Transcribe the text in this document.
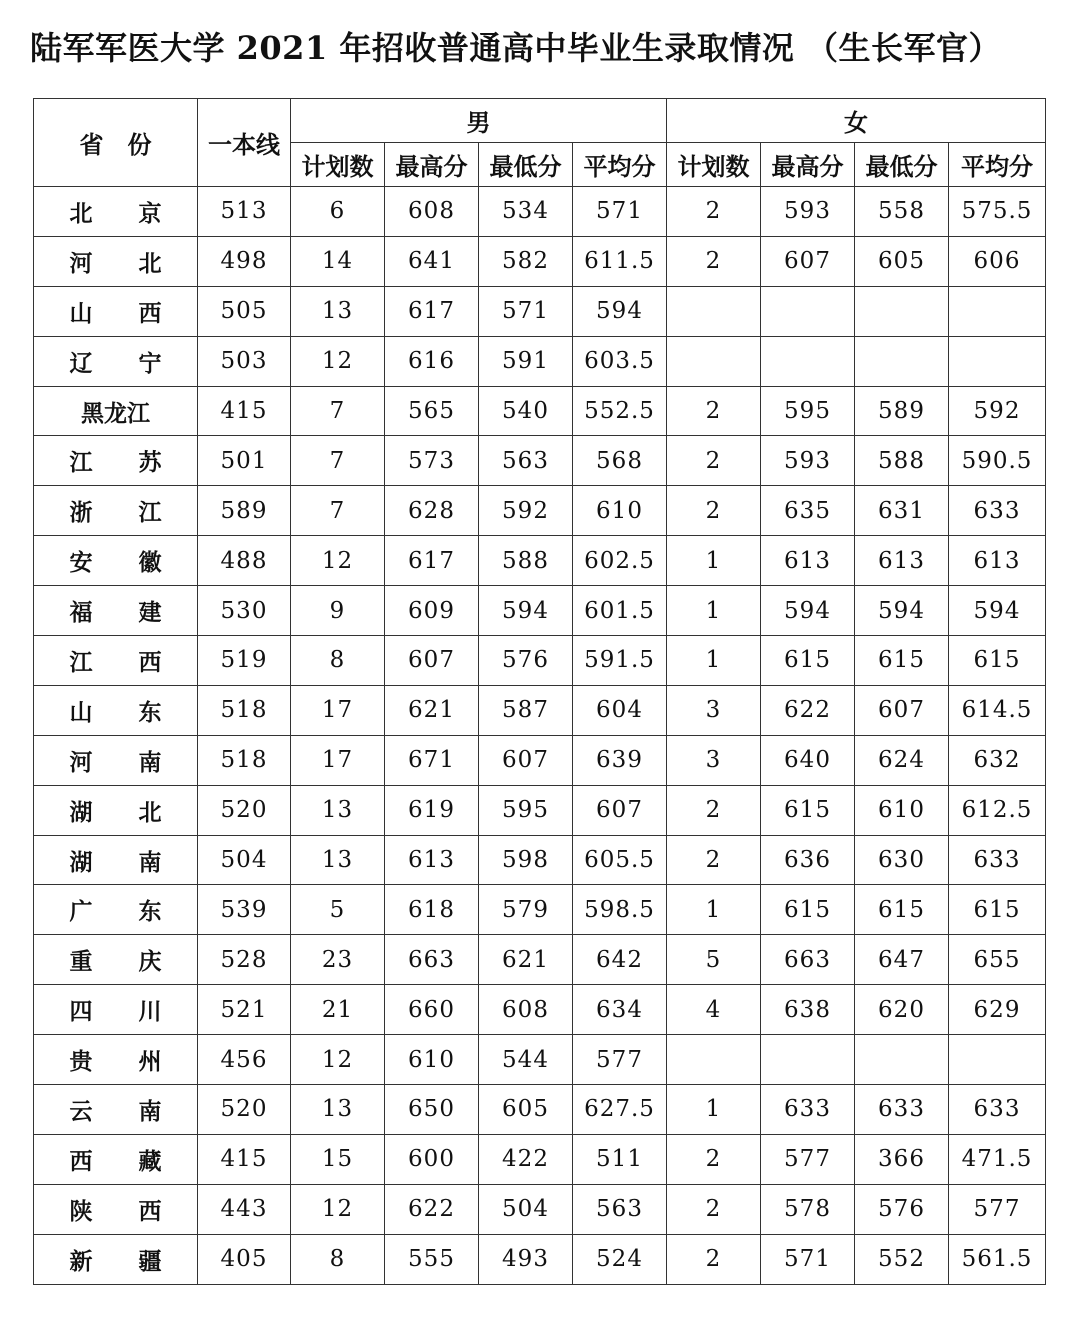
陆军军医大学 2021 年招收普通高中毕业生录取情况 （生长军官）
省　份	一本线	男				女			
		计划数	最高分	最低分	平均分	计划数	最高分	最低分	平均分
北京	513	6	608	534	571	2	593	558	575.5
河北	498	14	641	582	611.5	2	607	605	606
山西	505	13	617	571	594				
辽宁	503	12	616	591	603.5				
黑龙江	415	7	565	540	552.5	2	595	589	592
江苏	501	7	573	563	568	2	593	588	590.5
浙江	589	7	628	592	610	2	635	631	633
安徽	488	12	617	588	602.5	1	613	613	613
福建	530	9	609	594	601.5	1	594	594	594
江西	519	8	607	576	591.5	1	615	615	615
山东	518	17	621	587	604	3	622	607	614.5
河南	518	17	671	607	639	3	640	624	632
湖北	520	13	619	595	607	2	615	610	612.5
湖南	504	13	613	598	605.5	2	636	630	633
广东	539	5	618	579	598.5	1	615	615	615
重庆	528	23	663	621	642	5	663	647	655
四川	521	21	660	608	634	4	638	620	629
贵州	456	12	610	544	577				
云南	520	13	650	605	627.5	1	633	633	633
西藏	415	15	600	422	511	2	577	366	471.5
陕西	443	12	622	504	563	2	578	576	577
新疆	405	8	555	493	524	2	571	552	561.5
